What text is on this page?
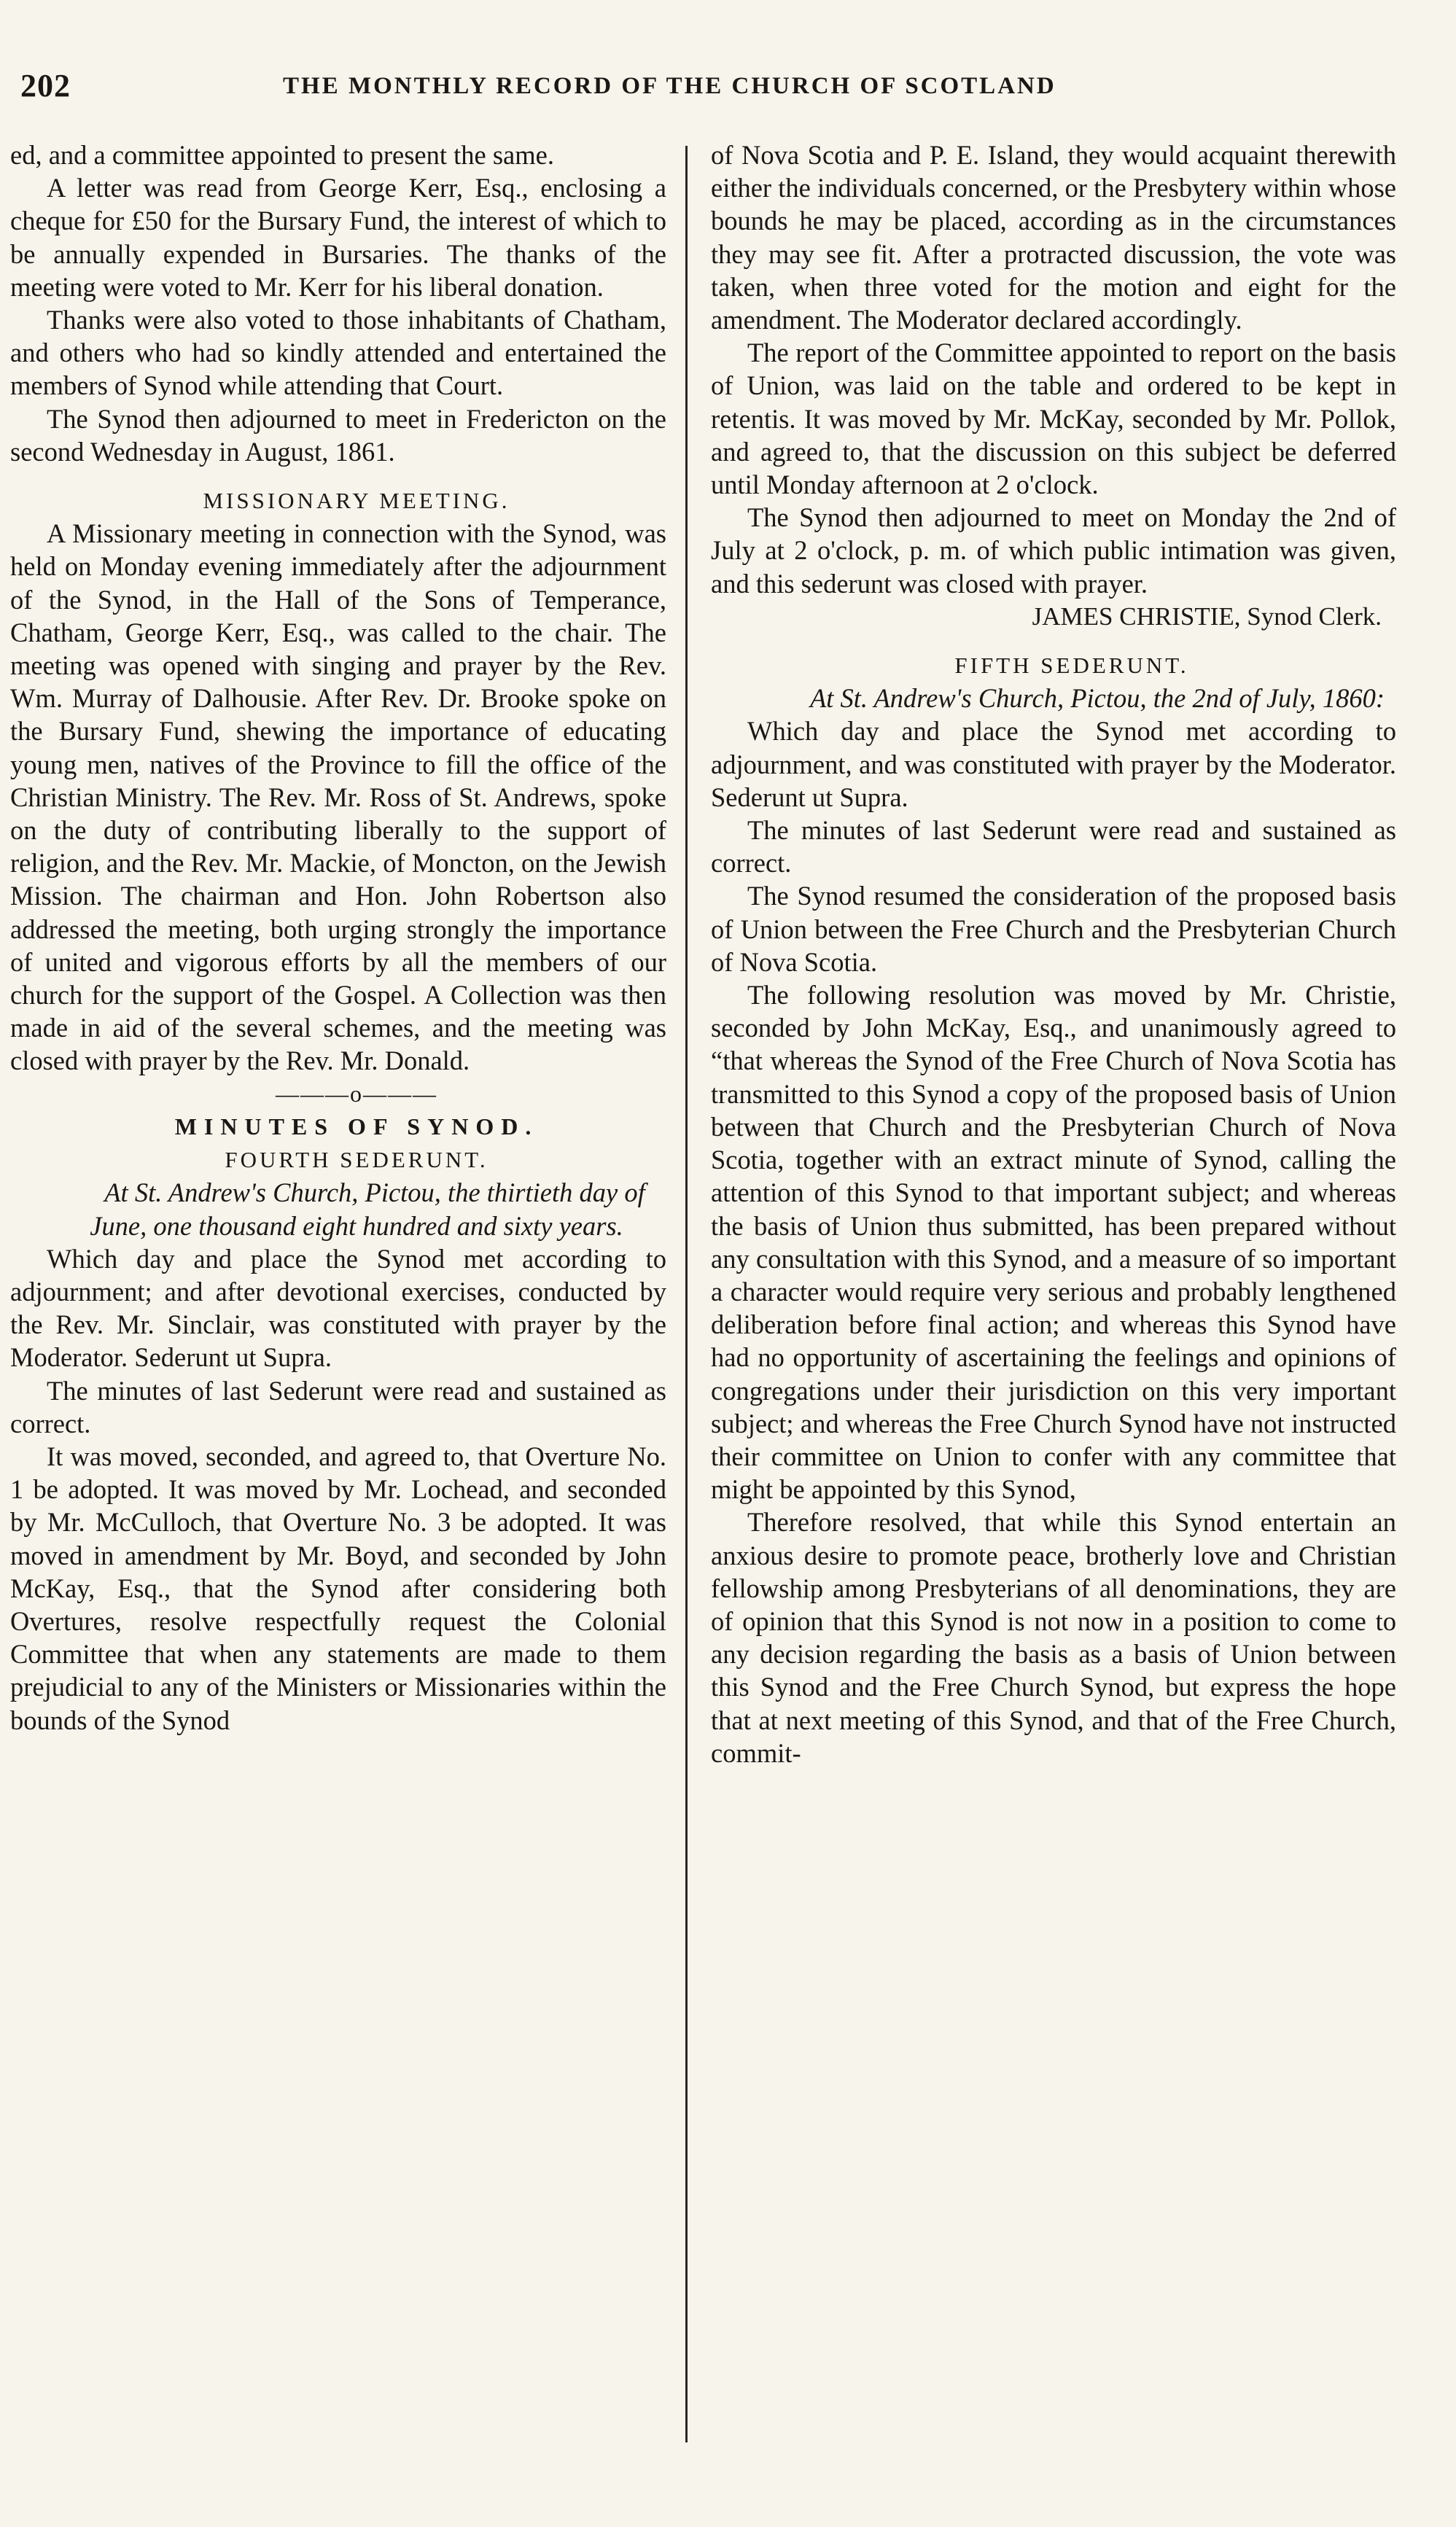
202	THE MONTHLY RECORD OF THE CHURCH OF SCOTLAND

ed, and a committee appointed to present the same.

A letter was read from George Kerr, Esq., enclosing a cheque for £50 for the Bursary Fund, the interest of which to be annually expended in Bursaries. The thanks of the meeting were voted to Mr. Kerr for his liberal donation.

Thanks were also voted to those inhabitants of Chatham, and others who had so kindly attended and entertained the members of Synod while attending that Court.

The Synod then adjourned to meet in Fredericton on the second Wednesday in August, 1861.

MISSIONARY MEETING.

A Missionary meeting in connection with the Synod, was held on Monday evening immediately after the adjournment of the Synod, in the Hall of the Sons of Temperance, Chatham, George Kerr, Esq., was called to the chair. The meeting was opened with singing and prayer by the Rev. Wm. Murray of Dalhousie. After Rev. Dr. Brooke spoke on the Bursary Fund, shewing the importance of educating young men, natives of the Province to fill the office of the Christian Ministry. The Rev. Mr. Ross of St. Andrews, spoke on the duty of contributing liberally to the support of religion, and the Rev. Mr. Mackie, of Moncton, on the Jewish Mission. The chairman and Hon. John Robertson also addressed the meeting, both urging strongly the importance of united and vigorous efforts by all the members of our church for the support of the Gospel. A Collection was then made in aid of the several schemes, and the meeting was closed with prayer by the Rev. Mr. Donald.

———o———

MINUTES OF SYNOD.

FOURTH SEDERUNT.

At St. Andrew's Church, Pictou, the thirtieth day of June, one thousand eight hundred and sixty years.

Which day and place the Synod met according to adjournment; and after devotional exercises, conducted by the Rev. Mr. Sinclair, was constituted with prayer by the Moderator. Sederunt ut Supra.

The minutes of last Sederunt were read and sustained as correct.

It was moved, seconded, and agreed to, that Overture No. 1 be adopted. It was moved by Mr. Lochead, and seconded by Mr. McCulloch, that Overture No. 3 be adopted. It was moved in amendment by Mr. Boyd, and seconded by John McKay, Esq., that the Synod after considering both Overtures, resolve respectfully request the Colonial Committee that when any statements are made to them prejudicial to any of the Ministers or Missionaries within the bounds of the Synod

of Nova Scotia and P. E. Island, they would acquaint therewith either the individuals concerned, or the Presbytery within whose bounds he may be placed, according as in the circumstances they may see fit. After a protracted discussion, the vote was taken, when three voted for the motion and eight for the amendment. The Moderator declared accordingly.

The report of the Committee appointed to report on the basis of Union, was laid on the table and ordered to be kept in retentis. It was moved by Mr. McKay, seconded by Mr. Pollok, and agreed to, that the discussion on this subject be deferred until Monday afternoon at 2 o'clock.

The Synod then adjourned to meet on Monday the 2nd of July at 2 o'clock, p. m. of which public intimation was given, and this sederunt was closed with prayer.

JAMES CHRISTIE, Synod Clerk.

FIFTH SEDERUNT.

At St. Andrew's Church, Pictou, the 2nd of July, 1860:

Which day and place the Synod met according to adjournment, and was constituted with prayer by the Moderator. Sederunt ut Supra.

The minutes of last Sederunt were read and sustained as correct.

The Synod resumed the consideration of the proposed basis of Union between the Free Church and the Presbyterian Church of Nova Scotia.

The following resolution was moved by Mr. Christie, seconded by John McKay, Esq., and unanimously agreed to “that whereas the Synod of the Free Church of Nova Scotia has transmitted to this Synod a copy of the proposed basis of Union between that Church and the Presbyterian Church of Nova Scotia, together with an extract minute of Synod, calling the attention of this Synod to that important subject; and whereas the basis of Union thus submitted, has been prepared without any consultation with this Synod, and a measure of so important a character would require very serious and probably lengthened deliberation before final action; and whereas this Synod have had no opportunity of ascertaining the feelings and opinions of congregations under their jurisdiction on this very important subject; and whereas the Free Church Synod have not instructed their committee on Union to confer with any committee that might be appointed by this Synod,

Therefore resolved, that while this Synod entertain an anxious desire to promote peace, brotherly love and Christian fellowship among Presbyterians of all denominations, they are of opinion that this Synod is not now in a position to come to any decision regarding the basis as a basis of Union between this Synod and the Free Church Synod, but express the hope that at next meeting of this Synod, and that of the Free Church, commit-
